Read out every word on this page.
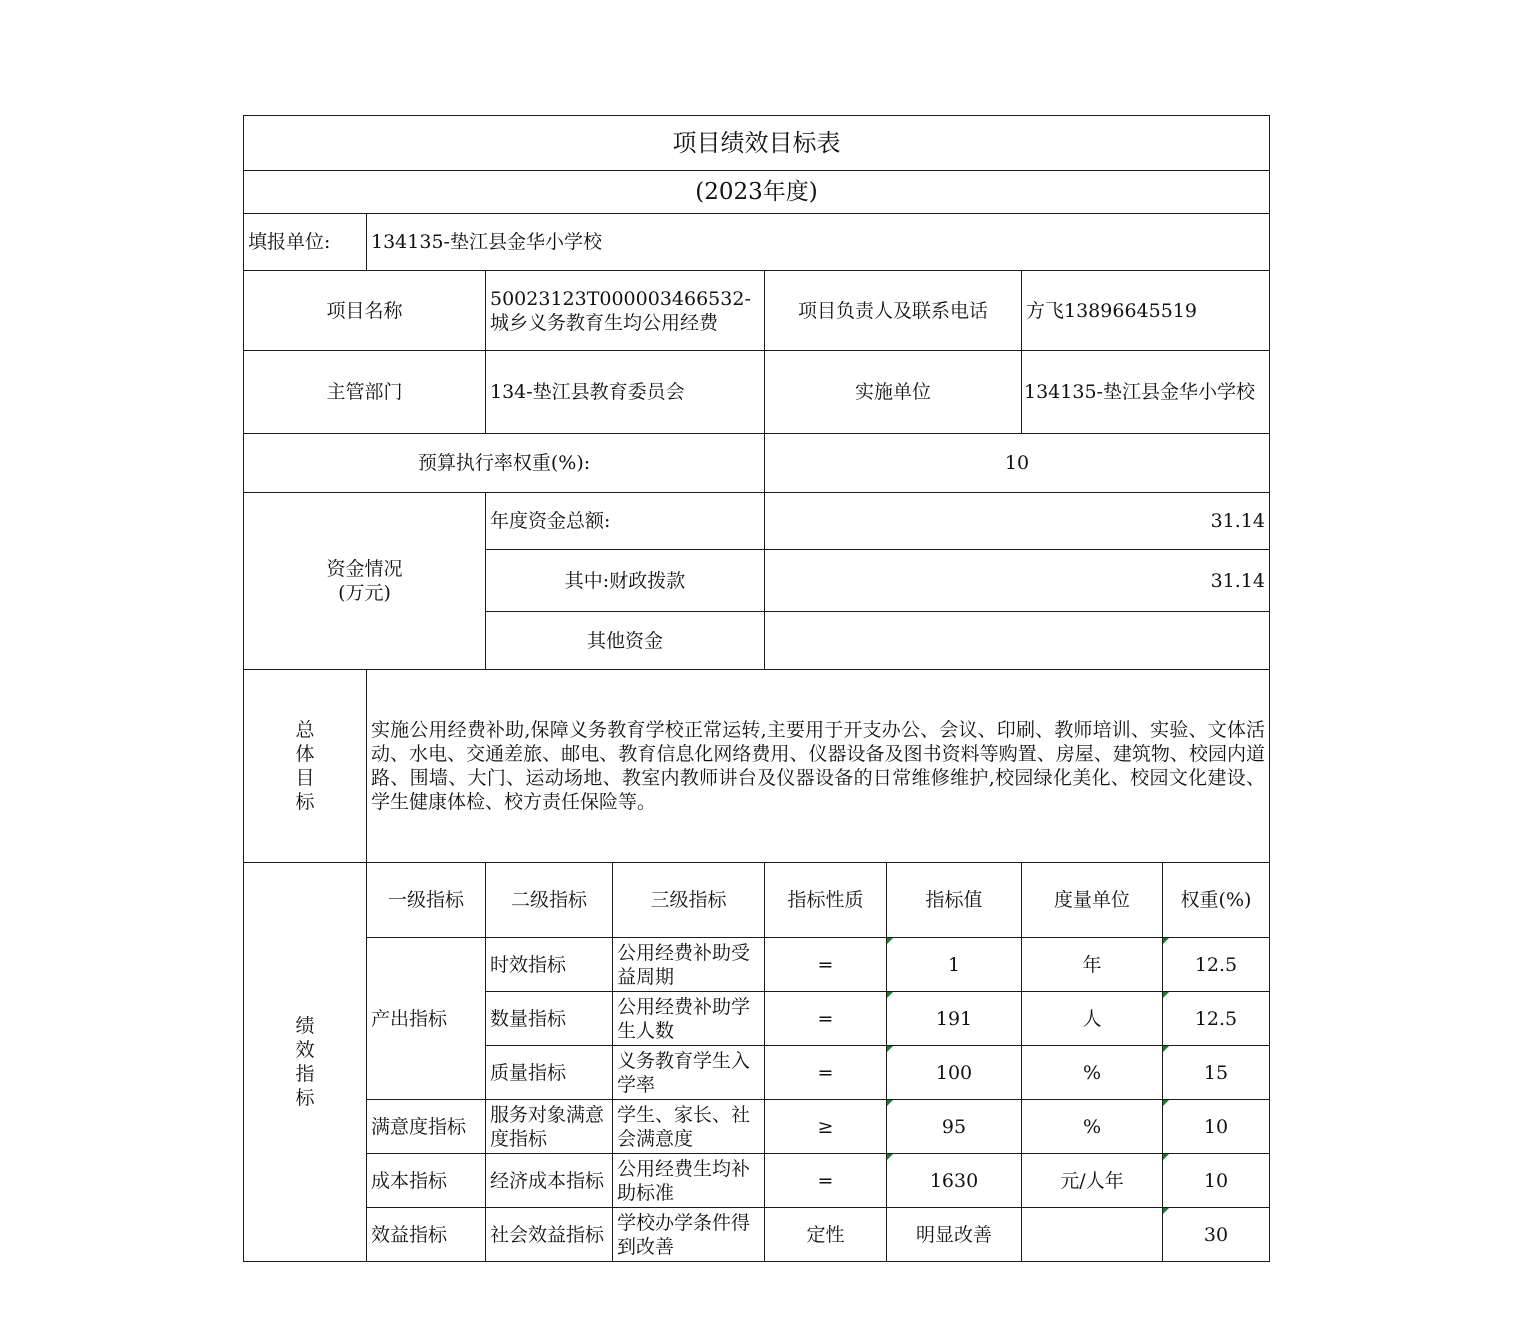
项目绩效目标表							
(2023年度)							
填报单位:	134135-垫江县金华小学校						
项目名称		50023123T000003466532-城乡义务教育生均公用经费		项目负责人及联系电话		方飞13896645519	
主管部门		134-垫江县教育委员会		实施单位		134135-垫江县金华小学校	
预算执行率权重(%):				10			

资金情况
(万元)		年度资金总额:		31.14			
		其中:财政拨款		31.14			
		其他资金					
总体目标	实施公用经费补助,保障义务教育学校正常运转,主要用于开支办公、会议、印刷、教师培训、实验、文体活动、水电、交通差旅、邮电、教育信息化网络费用、仪器设备及图书资料等购置、房屋、建筑物、校园内道路、围墙、大门、运动场地、教室内教师讲台及仪器设备的日常维修维护,校园绿化美化、校园文化建设、学生健康体检、校方责任保险等。						
绩效指标	一级指标	二级指标	三级指标	指标性质	指标值	度量单位	权重(%)
	产出指标	时效指标	公用经费补助受益周期	=	1	年	12.5
		数量指标	公用经费补助学生人数	=	191	人	12.5
		质量指标	义务教育学生入学率	=	100	%	15
	满意度指标	服务对象满意度指标	学生、家长、社会满意度	≥	95	%	10
	成本指标	经济成本指标	公用经费生均补助标准	=	1630	元/人年	10
	效益指标	社会效益指标	学校办学条件得到改善	定性	明显改善		30
